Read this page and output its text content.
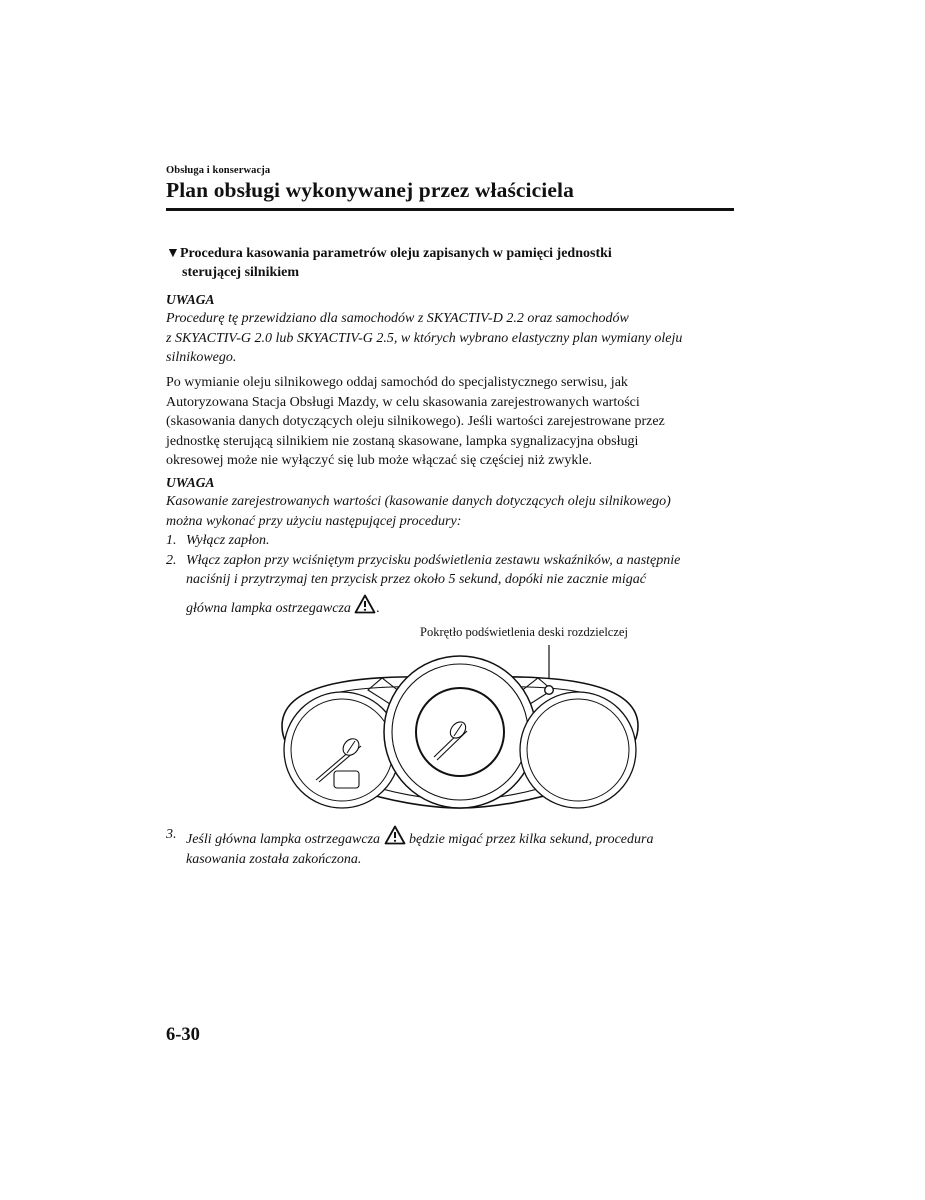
Obsługa i konserwacja
Plan obsługi wykonywanej przez właściciela
▼Procedura kasowania parametrów oleju zapisanych w pamięci jednostki
sterującej silnikiem
UWAGA
Procedurę tę przewidziano dla samochodów z SKYACTIV-D 2.2 oraz samochodów
z SKYACTIV-G 2.0 lub SKYACTIV-G 2.5, w których wybrano elastyczny plan wymiany oleju
silnikowego.
Po wymianie oleju silnikowego oddaj samochód do specjalistycznego serwisu, jak
Autoryzowana Stacja Obsługi Mazdy, w celu skasowania zarejestrowanych wartości
(skasowania danych dotyczących oleju silnikowego). Jeśli wartości zarejestrowane przez
jednostkę sterującą silnikiem nie zostaną skasowane, lampka sygnalizacyjna obsługi
okresowej może nie wyłączyć się lub może włączać się częściej niż zwykle.
UWAGA
Kasowanie zarejestrowanych wartości (kasowanie danych dotyczących oleju silnikowego)
można wykonać przy użyciu następującej procedury:
1. Wyłącz zapłon.
2. Włącz zapłon przy wciśniętym przycisku podświetlenia zestawu wskaźników, a następnie
naciśnij i przytrzymaj ten przycisk przez około 5 sekund, dopóki nie zacznie migać
główna lampka ostrzegawcza .
Pokrętło podświetlenia deski rozdzielczej
3. Jeśli główna lampka ostrzegawcza będzie migać przez kilka sekund, procedura
kasowania została zakończona.
6-30
